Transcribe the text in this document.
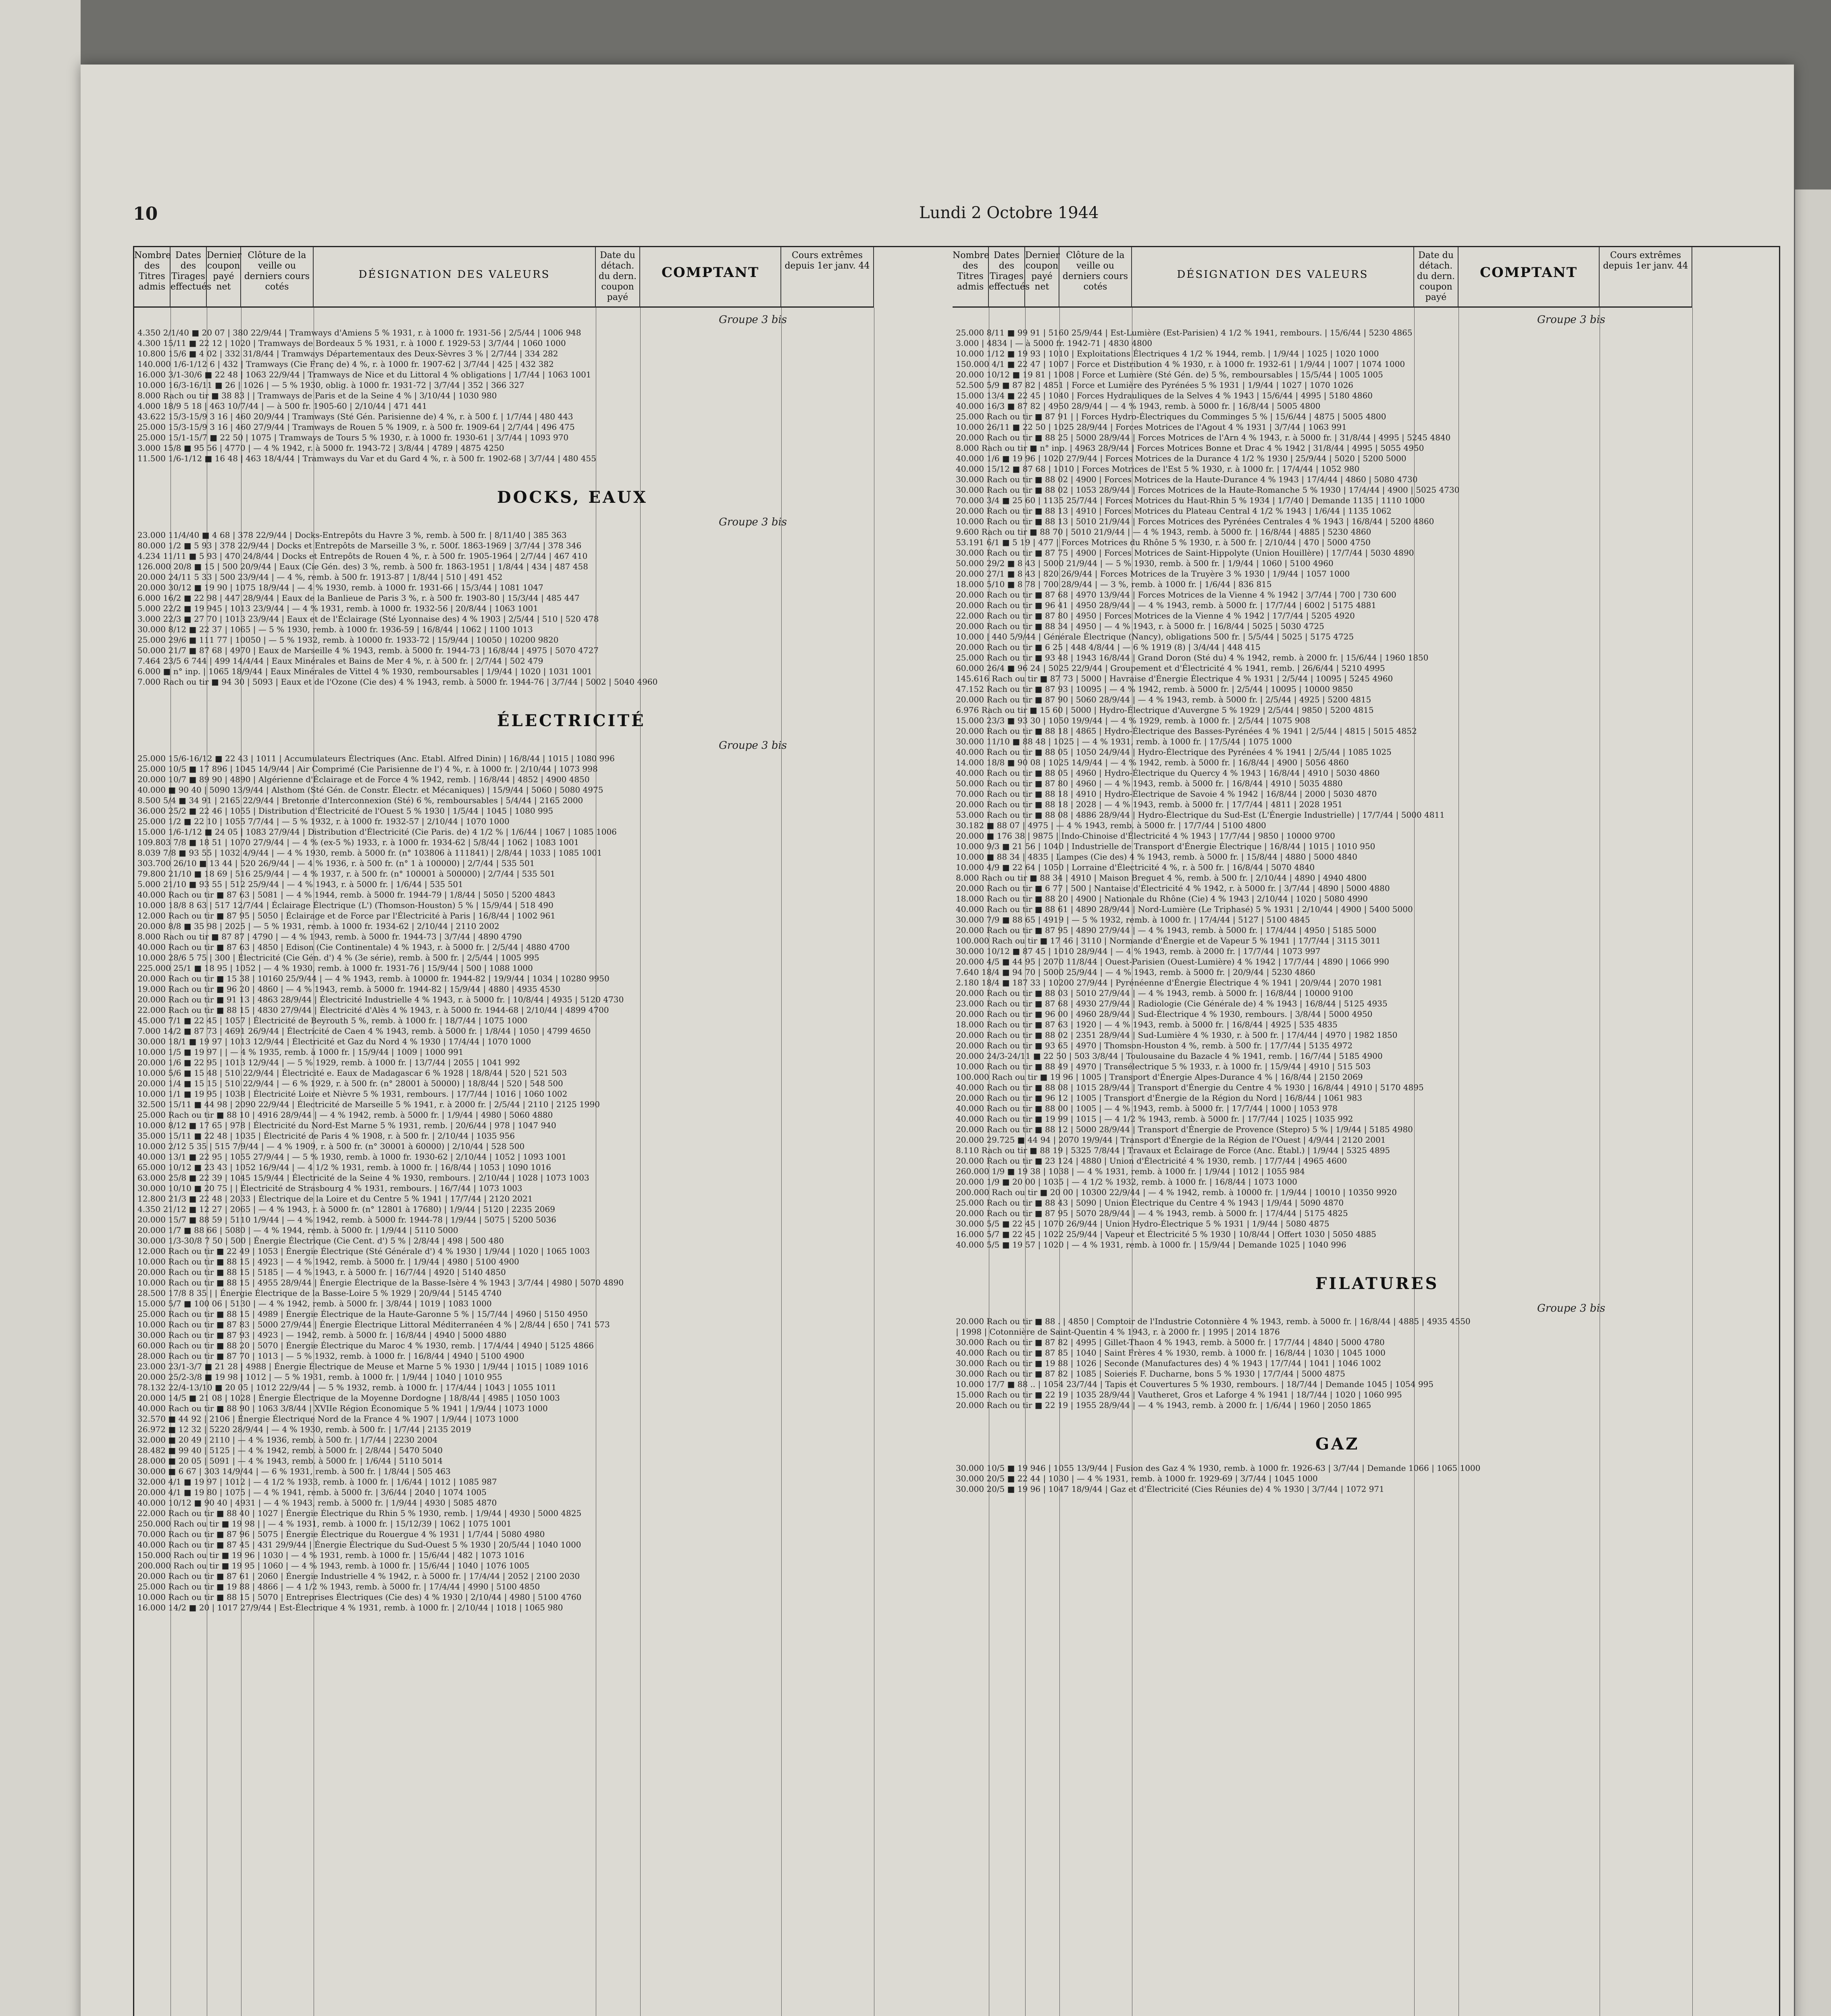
10	Lundi 2 Octobre 1944
Nombre des Titres admis
Dates des Tirages effectués
Dernier coupon payé net
Clôture de la veille ou derniers cours cotés
DÉSIGNATION DES VALEURS
Date du détach. du dern. coupon payé
COMPTANT
Cours extrêmes depuis 1er janv. 44
Groupe 3 bis
4.350 2/1/40 ■ 20 07 | 380 22/9/44 | Tramways d'Amiens 5 % 1931, r. à 1000 fr. 1931-56 | 2/5/44 | 1006 948
4.300 15/11 ■ 22 12 | 1020 | Tramways de Bordeaux 5 % 1931, r. à 1000 f. 1929-53 | 3/7/44 | 1060 1000
10.800 15/6 ■ 4 02 | 332 31/8/44 | Tramways Départementaux des Deux-Sèvres 3 % | 2/7/44 | 334 282
140.000 1/6-1/12 6 | 432 | Tramways (Cie Franç de) 4 %, r. à 1000 fr. 1907-62 | 3/7/44 | 425 | 432 382
16.000 3/1-30/6 ■ 22 48 | 1063 22/9/44 | Tramways de Nice et du Littoral 4 % obligations | 1/7/44 | 1063 1001
10.000 16/3-16/11 ■ 26 | 1026 | — 5 % 1930, oblig. à 1000 fr. 1931-72 | 3/7/44 | 352 | 366 327
8.000 Rach ou tir ■ 38 83 | | Tramways de Paris et de la Seine 4 % | 3/10/44 | 1030 980
4.000 18/9 5 18 | 463 10/7/44 | — à 500 fr. 1905-60 | 2/10/44 | 471 441
43.622 15/3-15/9 3 16 | 460 20/9/44 | Tramways (Sté Gén. Parisienne de) 4 %, r. à 500 f. | 1/7/44 | 480 443
25.000 15/3-15/9 3 16 | 460 27/9/44 | Tramways de Rouen 5 % 1909, r. à 500 fr. 1909-64 | 2/7/44 | 496 475
25.000 15/1-15/7 ■ 22 50 | 1075 | Tramways de Tours 5 % 1930, r. à 1000 fr. 1930-61 | 3/7/44 | 1093 970
3.000 15/8 ■ 95 56 | 4770 | — 4 % 1942, r. à 5000 fr. 1943-72 | 3/8/44 | 4789 | 4875 4250
11.500 1/6-1/12 ■ 16 48 | 463 18/4/44 | Tramways du Var et du Gard 4 %, r. à 500 fr. 1902-68 | 3/7/44 | 480 455
DOCKS, EAUX
Groupe 3 bis
23.000 11/4/40 ■ 4 68 | 378 22/9/44 | Docks-Entrepôts du Havre 3 %, remb. à 500 fr. | 8/11/40 | 385 363
80.000 1/2 ■ 5 93 | 378 22/9/44 | Docks et Entrepôts de Marseille 3 %, r. 500f. 1863-1969 | 3/7/44 | 378 346
4.234 11/11 ■ 5 93 | 470 24/8/44 | Docks et Entrepôts de Rouen 4 %, r. à 500 fr. 1905-1964 | 2/7/44 | 467 410
126.000 20/8 ■ 15 | 500 20/9/44 | Eaux (Cie Gén. des) 3 %, remb. à 500 fr. 1863-1951 | 1/8/44 | 434 | 487 458
20.000 24/11 5 33 | 500 23/9/44 | — 4 %, remb. à 500 fr. 1913-87 | 1/8/44 | 510 | 491 452
20.000 30/12 ■ 19 90 | 1075 18/9/44 | — 4 % 1930, remb. à 1000 fr. 1931-66 | 15/3/44 | 1081 1047
6.000 16/2 ■ 22 98 | 447 28/9/44 | Eaux de la Banlieue de Paris 3 %, r. à 500 fr. 1903-80 | 15/3/44 | 485 447
5.000 22/2 ■ 19 945 | 1013 23/9/44 | — 4 % 1931, remb. à 1000 fr. 1932-56 | 20/8/44 | 1063 1001
3.000 22/3 ■ 27 70 | 1013 23/9/44 | Eaux et de l'Éclairage (Sté Lyonnaise des) 4 % 1903 | 2/5/44 | 510 | 520 478
30.000 8/12 ■ 22 37 | 1065 | — 5 % 1930, remb. à 1000 fr. 1936-59 | 16/8/44 | 1062 | 1100 1013
25.000 29/6 ■ 111 77 | 10050 | — 5 % 1932, remb. à 10000 fr. 1933-72 | 15/9/44 | 10050 | 10200 9820
50.000 21/7 ■ 87 68 | 4970 | Eaux de Marseille 4 % 1943, remb. à 5000 fr. 1944-73 | 16/8/44 | 4975 | 5070 4727
7.464 23/5 6 744 | 499 14/4/44 | Eaux Minérales et Bains de Mer 4 %, r. à 500 fr. | 2/7/44 | 502 479
6.000 ■ n° inp. | 1065 18/9/44 | Eaux Minérales de Vittel 4 % 1930, remboursables | 1/9/44 | 1020 | 1031 1001
7.000 Rach ou tir ■ 94 30 | 5093 | Eaux et de l'Ozone (Cie des) 4 % 1943, remb. à 5000 fr. 1944-76 | 3/7/44 | 5002 | 5040 4960
ÉLECTRICITÉ
Groupe 3 bis
25.000 15/6-16/12 ■ 22 43 | 1011 | Accumulateurs Électriques (Anc. Etabl. Alfred Dinin) | 16/8/44 | 1015 | 1080 996
25.000 10/5 ■ 17 896 | 1045 14/9/44 | Air Comprimé (Cie Parisienne de l') 4 %, r. à 1000 fr. | 2/10/44 | 1073 998
20.000 10/7 ■ 89 90 | 4890 | Algérienne d'Éclairage et de Force 4 % 1942, remb. | 16/8/44 | 4852 | 4900 4850
40.000 ■ 90 40 | 5090 13/9/44 | Alsthom (Sté Gén. de Constr. Électr. et Mécaniques) | 15/9/44 | 5060 | 5080 4975
8.500 5/4 ■ 34 91 | 2165 22/9/44 | Bretonne d'Interconnexion (Sté) 6 %, remboursables | 5/4/44 | 2165 2000
36.000 25/2 ■ 22 46 | 1055 | Distribution d'Électricité de l'Ouest 5 % 1930 | 1/5/44 | 1045 | 1080 995
25.000 1/2 ■ 22 10 | 1055 7/7/44 | — 5 % 1932, r. à 1000 fr. 1932-57 | 2/10/44 | 1070 1000
15.000 1/6-1/12 ■ 24 05 | 1083 27/9/44 | Distribution d'Électricité (Cie Paris. de) 4 1/2 % | 1/6/44 | 1067 | 1085 1006
109.803 7/8 ■ 18 51 | 1070 27/9/44 | — 4 % (ex-5 %) 1933, r. à 1000 fr. 1934-62 | 5/8/44 | 1062 | 1083 1001
8.039 7/8 ■ 93 55 | 1032 4/9/44 | — 4 % 1930, remb. à 5000 fr. (n° 103806 à 111841) | 2/8/44 | 1033 | 1085 1001
303.700 26/10 ■ 13 44 | 520 26/9/44 | — 4 % 1936, r. à 500 fr. (n° 1 à 100000) | 2/7/44 | 535 501
79.800 21/10 ■ 18 69 | 516 25/9/44 | — 4 % 1937, r. à 500 fr. (n° 100001 à 500000) | 2/7/44 | 535 501
5.000 21/10 ■ 93 55 | 512 25/9/44 | — 4 % 1943, r. à 5000 fr. | 1/6/44 | 535 501
40.000 Rach ou tir ■ 87 63 | 5081 | — 4 % 1944, remb. à 5000 fr. 1944-79 | 1/8/44 | 5050 | 5200 4843
10.000 18/8 8 63 | 517 12/7/44 | Éclairage Électrique (L') (Thomson-Houston) 5 % | 15/9/44 | 518 490
12.000 Rach ou tir ■ 87 95 | 5050 | Éclairage et de Force par l'Électricité à Paris | 16/8/44 | 1002 961
20.000 8/8 ■ 35 98 | 2025 | — 5 % 1931, remb. à 1000 fr. 1934-62 | 2/10/44 | 2110 2002
8.000 Rach ou tir ■ 87 87 | 4790 | — 4 % 1943, remb. à 5000 fr. 1944-73 | 3/7/44 | 4890 4790
40.000 Rach ou tir ■ 87 63 | 4850 | Edison (Cie Continentale) 4 % 1943, r. à 5000 fr. | 2/5/44 | 4880 4700
10.000 28/6 5 75 | 300 | Électricité (Cie Gén. d') 4 % (3e série), remb. à 500 fr. | 2/5/44 | 1005 995
225.000 25/1 ■ 18 95 | 1052 | — 4 % 1930, remb. à 1000 fr. 1931-76 | 15/9/44 | 500 | 1088 1000
20.000 Rach ou tir ■ 15 38 | 10160 25/9/44 | — 4 % 1943, remb. à 10000 fr. 1944-82 | 19/9/44 | 1034 | 10280 9950
19.000 Rach ou tir ■ 96 20 | 4860 | — 4 % 1943, remb. à 5000 fr. 1944-82 | 15/9/44 | 4880 | 4935 4530
20.000 Rach ou tir ■ 91 13 | 4863 28/9/44 | Électricité Industrielle 4 % 1943, r. à 5000 fr. | 10/8/44 | 4935 | 5120 4730
22.000 Rach ou tir ■ 88 15 | 4830 27/9/44 | Électricité d'Alès 4 % 1943, r. à 5000 fr. 1944-68 | 2/10/44 | 4899 4700
45.000 7/1 ■ 22 45 | 1057 | Électricité de Beyrouth 5 %, remb. à 1000 fr. | 18/7/44 | 1075 1000
7.000 14/2 ■ 87 73 | 4691 26/9/44 | Électricité de Caen 4 % 1943, remb. à 5000 fr. | 1/8/44 | 1050 | 4799 4650
30.000 18/1 ■ 19 97 | 1013 12/9/44 | Électricité et Gaz du Nord 4 % 1930 | 17/4/44 | 1070 1000
10.000 1/5 ■ 19 97 | | — 4 % 1935, remb. à 1000 fr. | 15/9/44 | 1009 | 1000 991
20.000 1/6 ■ 22 95 | 1013 12/9/44 | — 5 % 1929, remb. à 1000 fr. | 13/7/44 | 2055 | 1041 992
10.000 5/6 ■ 15 48 | 510 22/9/44 | Électricité e. Eaux de Madagascar 6 % 1928 | 18/8/44 | 520 | 521 503
20.000 1/4 ■ 15 15 | 510 22/9/44 | — 6 % 1929, r. à 500 fr. (n° 28001 à 50000) | 18/8/44 | 520 | 548 500
10.000 1/1 ■ 19 95 | 1038 | Électricité Loire et Nièvre 5 % 1931, rembours. | 17/7/44 | 1016 | 1060 1002
32.500 15/11 ■ 44 98 | 2090 22/9/44 | Électricité de Marseille 5 % 1941, r. à 2000 fr. | 2/5/44 | 2110 | 2125 1990
25.000 Rach ou tir ■ 88 10 | 4916 28/9/44 | — 4 % 1942, remb. à 5000 fr. | 1/9/44 | 4980 | 5060 4880
10.000 8/12 ■ 17 65 | 978 | Électricité du Nord-Est Marne 5 % 1931, remb. | 20/6/44 | 978 | 1047 940
35.000 15/11 ■ 22 48 | 1035 | Électricité de Paris 4 % 1908, r. à 500 fr. | 2/10/44 | 1035 956
10.000 2/12 5 35 | 515 7/9/44 | — 4 % 1909, r. à 500 fr. (n° 30001 à 60000) | 2/10/44 | 528 500
40.000 13/1 ■ 22 95 | 1055 27/9/44 | — 5 % 1930, remb. à 1000 fr. 1930-62 | 2/10/44 | 1052 | 1093 1001
65.000 10/12 ■ 23 43 | 1052 16/9/44 | — 4 1/2 % 1931, remb. à 1000 fr. | 16/8/44 | 1053 | 1090 1016
63.000 25/8 ■ 22 39 | 1045 15/9/44 | Électricité de la Seine 4 % 1930, rembours. | 2/10/44 | 1028 | 1073 1003
30.000 10/10 ■ 20 75 | | Électricité de Strasbourg 4 % 1931, rembours. | 16/7/44 | 1073 1003
12.800 21/3 ■ 22 48 | 2033 | Électrique de la Loire et du Centre 5 % 1941 | 17/7/44 | 2120 2021
4.350 21/12 ■ 12 27 | 2065 | — 4 % 1943, r. à 5000 fr. (n° 12801 à 17680) | 1/9/44 | 5120 | 2235 2069
20.000 15/7 ■ 88 59 | 5110 1/9/44 | — 4 % 1942, remb. à 5000 fr. 1944-78 | 1/9/44 | 5075 | 5200 5036
20.000 1/7 ■ 88 66 | 5080 | — 4 % 1944, remb. à 5000 fr. | 1/9/44 | 5110 5000
30.000 1/3-30/8 7 50 | 500 | Énergie Électrique (Cie Cent. d') 5 % | 2/8/44 | 498 | 500 480
12.000 Rach ou tir ■ 22 49 | 1053 | Énergie Électrique (Sté Générale d') 4 % 1930 | 1/9/44 | 1020 | 1065 1003
10.000 Rach ou tir ■ 88 15 | 4923 | — 4 % 1942, remb. à 5000 fr. | 1/9/44 | 4980 | 5100 4900
20.000 Rach ou tir ■ 88 15 | 5185 | — 4 % 1943, r. à 5000 fr. | 16/7/44 | 4920 | 5140 4850
10.000 Rach ou tir ■ 88 15 | 4955 28/9/44 | Énergie Électrique de la Basse-Isère 4 % 1943 | 3/7/44 | 4980 | 5070 4890
28.500 17/8 8 35 | | Énergie Électrique de la Basse-Loire 5 % 1929 | 20/9/44 | 5145 4740
15.000 5/7 ■ 100 06 | 5130 | — 4 % 1942, remb. à 5000 fr. | 3/8/44 | 1019 | 1083 1000
25.000 Rach ou tir ■ 88 15 | 4989 | Énergie Électrique de la Haute-Garonne 5 % | 15/7/44 | 4960 | 5150 4950
10.000 Rach ou tir ■ 87 83 | 5000 27/9/44 | Énergie Électrique Littoral Méditerranéen 4 % | 2/8/44 | 650 | 741 573
30.000 Rach ou tir ■ 87 93 | 4923 | — 1942, remb. à 5000 fr. | 16/8/44 | 4940 | 5000 4880
60.000 Rach ou tir ■ 88 20 | 5070 | Énergie Électrique du Maroc 4 % 1930, remb. | 17/4/44 | 4940 | 5125 4866
28.000 Rach ou tir ■ 87 70 | 1013 | — 5 % 1932, remb. à 1000 fr. | 16/8/44 | 4940 | 5100 4900
23.000 23/1-3/7 ■ 21 28 | 4988 | Énergie Électrique de Meuse et Marne 5 % 1930 | 1/9/44 | 1015 | 1089 1016
20.000 25/2-3/8 ■ 19 98 | 1012 | — 5 % 1931, remb. à 1000 fr. | 1/9/44 | 1040 | 1010 955
78.132 22/4-13/10 ■ 20 05 | 1012 22/9/44 | — 5 % 1932, remb. à 1000 fr. | 17/4/44 | 1043 | 1055 1011
20.000 14/5 ■ 21 08 | 1028 | Énergie Électrique de la Moyenne Dordogne | 18/8/44 | 4985 | 1050 1003
40.000 Rach ou tir ■ 88 90 | 1063 3/8/44 | XVIIe Région Économique 5 % 1941 | 1/9/44 | 1073 1000
32.570 ■ 44 92 | 2106 | Énergie Électrique Nord de la France 4 % 1907 | 1/9/44 | 1073 1000
26.972 ■ 12 32 | 5220 28/9/44 | — 4 % 1930, remb. à 500 fr. | 1/7/44 | 2135 2019
32.000 ■ 20 49 | 2110 | — 4 % 1936, remb. à 500 fr. | 1/7/44 | 2230 2004
28.482 ■ 99 40 | 5125 | — 4 % 1942, remb. à 5000 fr. | 2/8/44 | 5470 5040
28.000 ■ 20 05 | 5091 | — 4 % 1943, remb. à 5000 fr. | 1/6/44 | 5110 5014
30.000 ■ 6 67 | 303 14/9/44 | — 6 % 1931, remb. à 500 fr. | 1/8/44 | 505 463
32.000 4/1 ■ 19 97 | 1012 | — 4 1/2 % 1933, remb. à 1000 fr. | 1/6/44 | 1012 | 1085 987
20.000 4/1 ■ 19 80 | 1075 | — 4 % 1941, remb. à 5000 fr. | 3/6/44 | 2040 | 1074 1005
40.000 10/12 ■ 90 40 | 4931 | — 4 % 1943, remb. à 5000 fr. | 1/9/44 | 4930 | 5085 4870
22.000 Rach ou tir ■ 88 40 | 1027 | Énergie Électrique du Rhin 5 % 1930, remb. | 1/9/44 | 4930 | 5000 4825
250.000 Rach ou tir ■ 19 98 | | — 4 % 1931, remb. à 1000 fr. | 15/12/39 | 1062 | 1075 1001
70.000 Rach ou tir ■ 87 96 | 5075 | Énergie Électrique du Rouergue 4 % 1931 | 1/7/44 | 5080 4980
40.000 Rach ou tir ■ 87 45 | 431 29/9/44 | Énergie Électrique du Sud-Ouest 5 % 1930 | 20/5/44 | 1040 1000
150.000 Rach ou tir ■ 19 96 | 1030 | — 4 % 1931, remb. à 1000 fr. | 15/6/44 | 482 | 1073 1016
200.000 Rach ou tir ■ 19 95 | 1060 | — 4 % 1943, remb. à 1000 fr. | 15/6/44 | 1040 | 1076 1005
20.000 Rach ou tir ■ 87 61 | 2060 | Énergie Industrielle 4 % 1942, r. à 5000 fr. | 17/4/44 | 2052 | 2100 2030
25.000 Rach ou tir ■ 19 88 | 4866 | — 4 1/2 % 1943, remb. à 5000 fr. | 17/4/44 | 4990 | 5100 4850
10.000 Rach ou tir ■ 88 15 | 5070 | Entreprises Électriques (Cie des) 4 % 1930 | 2/10/44 | 4980 | 5100 4760
16.000 14/2 ■ 20 | 1017 27/9/44 | Est-Électrique 4 % 1931, remb. à 1000 fr. | 2/10/44 | 1018 | 1065 980
Nombre des Titres admis
Dates des Tirages effectués
Dernier coupon payé net
Clôture de la veille ou derniers cours cotés
DÉSIGNATION DES VALEURS
Date du détach. du dern. coupon payé
COMPTANT
Cours extrêmes depuis 1er janv. 44
Groupe 3 bis
25.000 8/11 ■ 99 91 | 5160 25/9/44 | Est-Lumière (Est-Parisien) 4 1/2 % 1941, rembours. | 15/6/44 | 5230 4865
3.000 | 4834 | — à 5000 fr. 1942-71 | 4830 4800
10.000 1/12 ■ 19 93 | 1010 | Exploitations Électriques 4 1/2 % 1944, remb. | 1/9/44 | 1025 | 1020 1000
150.000 4/1 ■ 22 47 | 1007 | Force et Distribution 4 % 1930, r. à 1000 fr. 1932-61 | 1/9/44 | 1007 | 1074 1000
20.000 10/12 ■ 19 81 | 1008 | Force et Lumière (Sté Gén. de) 5 %, remboursables | 15/5/44 | 1005 1005
52.500 5/9 ■ 87 82 | 4851 | Force et Lumière des Pyrénées 5 % 1931 | 1/9/44 | 1027 | 1070 1026
15.000 13/4 ■ 22 45 | 1040 | Forces Hydrauliques de la Selves 4 % 1943 | 15/6/44 | 4995 | 5180 4860
40.000 16/3 ■ 87 82 | 4950 28/9/44 | — 4 % 1943, remb. à 5000 fr. | 16/8/44 | 5005 4800
25.000 Rach ou tir ■ 87 91 | | Forces Hydro-Électriques du Comminges 5 % | 15/6/44 | 4875 | 5005 4800
10.000 26/11 ■ 22 50 | 1025 28/9/44 | Forces Motrices de l'Agout 4 % 1931 | 3/7/44 | 1063 991
20.000 Rach ou tir ■ 88 25 | 5000 28/9/44 | Forces Motrices de l'Arn 4 % 1943, r. à 5000 fr. | 31/8/44 | 4995 | 5245 4840
8.000 Rach ou tir ■ n° inp. | 4963 28/9/44 | Forces Motrices Bonne et Drac 4 % 1942 | 31/8/44 | 4995 | 5055 4950
40.000 1/6 ■ 19 96 | 1020 27/9/44 | Forces Motrices de la Durance 4 1/2 % 1930 | 25/9/44 | 5020 | 5200 5000
40.000 15/12 ■ 87 68 | 1010 | Forces Motrices de l'Est 5 % 1930, r. à 1000 fr. | 17/4/44 | 1052 980
30.000 Rach ou tir ■ 88 02 | 4900 | Forces Motrices de la Haute-Durance 4 % 1943 | 17/4/44 | 4860 | 5080 4730
30.000 Rach ou tir ■ 88 02 | 1053 28/9/44 | Forces Motrices de la Haute-Romanche 5 % 1930 | 17/4/44 | 4900 | 5025 4730
70.000 3/4 ■ 25 60 | 1135 25/7/44 | Forces Motrices du Haut-Rhin 5 % 1934 | 1/7/40 | Demande 1135 | 1110 1000
20.000 Rach ou tir ■ 88 13 | 4910 | Forces Motrices du Plateau Central 4 1/2 % 1943 | 1/6/44 | 1135 1062
10.000 Rach ou tir ■ 88 13 | 5010 21/9/44 | Forces Motrices des Pyrénées Centrales 4 % 1943 | 16/8/44 | 5200 4860
9.600 Rach ou tir ■ 88 70 | 5010 21/9/44 | — 4 % 1943, remb. à 5000 fr. | 16/8/44 | 4885 | 5230 4860
53.191 6/1 ■ 5 19 | 477 | Forces Motrices du Rhône 5 % 1930, r. à 500 fr. | 2/10/44 | 470 | 5000 4750
30.000 Rach ou tir ■ 87 75 | 4900 | Forces Motrices de Saint-Hippolyte (Union Houillère) | 17/7/44 | 5030 4890
50.000 29/2 ■ 8 43 | 5000 21/9/44 | — 5 % 1930, remb. à 500 fr. | 1/9/44 | 1060 | 5100 4960
20.000 27/1 ■ 8 43 | 820 26/9/44 | Forces Motrices de la Truyère 3 % 1930 | 1/9/44 | 1057 1000
18.000 5/10 ■ 8 78 | 700 28/9/44 | — 3 %, remb. à 1000 fr. | 1/6/44 | 836 815
20.000 Rach ou tir ■ 87 68 | 4970 13/9/44 | Forces Motrices de la Vienne 4 % 1942 | 3/7/44 | 700 | 730 600
20.000 Rach ou tir ■ 96 41 | 4950 28/9/44 | — 4 % 1943, remb. à 5000 fr. | 17/7/44 | 6002 | 5175 4881
22.000 Rach ou tir ■ 87 80 | 4950 | Forces Motrices de la Vienne 4 % 1942 | 17/7/44 | 5205 4920
20.000 Rach ou tir ■ 88 34 | 4950 | — 4 % 1943, r. à 5000 fr. | 16/8/44 | 5025 | 5030 4725
10.000 | 440 5/9/44 | Générale Électrique (Nancy), obligations 500 fr. | 5/5/44 | 5025 | 5175 4725
20.000 Rach ou tir ■ 6 25 | 448 4/8/44 | — 6 % 1919 (8) | 3/4/44 | 448 415
25.000 Rach ou tir ■ 93 48 | 1943 16/8/44 | Grand Doron (Sté du) 4 % 1942, remb. à 2000 fr. | 15/6/44 | 1960 1850
60.000 26/4 ■ 96 24 | 5025 22/9/44 | Groupement et d'Électricité 4 % 1941, remb. | 26/6/44 | 5210 4995
145.616 Rach ou tir ■ 87 73 | 5000 | Havraise d'Énergie Électrique 4 % 1931 | 2/5/44 | 10095 | 5245 4960
47.152 Rach ou tir ■ 87 93 | 10095 | — 4 % 1942, remb. à 5000 fr. | 2/5/44 | 10095 | 10000 9850
20.000 Rach ou tir ■ 87 90 | 5060 28/9/44 | — 4 % 1943, remb. à 5000 fr. | 2/5/44 | 4925 | 5200 4815
6.976 Rach ou tir ■ 15 60 | 5000 | Hydro-Électrique d'Auvergne 5 % 1929 | 2/5/44 | 9850 | 5200 4815
15.000 23/3 ■ 93 30 | 1050 19/9/44 | — 4 % 1929, remb. à 1000 fr. | 2/5/44 | 1075 908
20.000 Rach ou tir ■ 88 18 | 4865 | Hydro-Électrique des Basses-Pyrénées 4 % 1941 | 2/5/44 | 4815 | 5015 4852
30.000 11/10 ■ 88 48 | 1025 | — 4 % 1931, remb. à 1000 fr. | 17/5/44 | 1075 1000
40.000 Rach ou tir ■ 88 05 | 1050 24/9/44 | Hydro-Électrique des Pyrénées 4 % 1941 | 2/5/44 | 1085 1025
14.000 18/8 ■ 90 08 | 1025 14/9/44 | — 4 % 1942, remb. à 5000 fr. | 16/8/44 | 4900 | 5056 4860
40.000 Rach ou tir ■ 88 05 | 4960 | Hydro-Électrique du Quercy 4 % 1943 | 16/8/44 | 4910 | 5030 4860
50.000 Rach ou tir ■ 87 80 | 4960 | — 4 % 1943, remb. à 5000 fr. | 16/8/44 | 4910 | 5035 4880
70.000 Rach ou tir ■ 88 18 | 4910 | Hydro-Électrique de Savoie 4 % 1942 | 16/8/44 | 2000 | 5030 4870
20.000 Rach ou tir ■ 88 18 | 2028 | — 4 % 1943, remb. à 5000 fr. | 17/7/44 | 4811 | 2028 1951
53.000 Rach ou tir ■ 88 08 | 4886 28/9/44 | Hydro-Électrique du Sud-Est (L'Énergie Industrielle) | 17/7/44 | 5000 4811
30.182 ■ 88 07 | 4975 | — 4 % 1943, remb. à 5000 fr. | 17/7/44 | 5100 4800
20.000 ■ 176 38 | 9875 | Indo-Chinoise d'Électricité 4 % 1943 | 17/7/44 | 9850 | 10000 9700
10.000 9/3 ■ 21 56 | 1040 | Industrielle de Transport d'Énergie Électrique | 16/8/44 | 1015 | 1010 950
10.000 ■ 88 34 | 4835 | Lampes (Cie des) 4 % 1943, remb. à 5000 fr. | 15/8/44 | 4880 | 5000 4840
10.000 4/9 ■ 22 64 | 1050 | Lorraine d'Électricité 4 %, r. à 500 fr. | 16/8/44 | 5070 4840
8.000 Rach ou tir ■ 88 34 | 4910 | Maison Breguet 4 %, remb. à 500 fr. | 2/10/44 | 4890 | 4940 4800
20.000 Rach ou tir ■ 6 77 | 500 | Nantaise d'Électricité 4 % 1942, r. à 5000 fr. | 3/7/44 | 4890 | 5000 4880
18.000 Rach ou tir ■ 88 20 | 4900 | Nationale du Rhône (Cie) 4 % 1943 | 2/10/44 | 1020 | 5080 4990
40.000 Rach ou tir ■ 88 61 | 4890 28/9/44 | Nord-Lumière (Le Triphasé) 5 % 1931 | 2/10/44 | 4900 | 5400 5000
30.000 7/9 ■ 88 65 | 4919 | — 5 % 1932, remb. à 1000 fr. | 17/4/44 | 5127 | 5100 4845
20.000 Rach ou tir ■ 87 95 | 4890 27/9/44 | — 4 % 1943, remb. à 5000 fr. | 17/4/44 | 4950 | 5185 5000
100.000 Rach ou tir ■ 17 46 | 3110 | Normande d'Énergie et de Vapeur 5 % 1941 | 17/7/44 | 3115 3011
30.000 10/12 ■ 87 45 | 1010 28/9/44 | — 4 % 1943, remb. à 2000 fr. | 17/7/44 | 1073 997
20.000 4/5 ■ 44 95 | 2070 11/8/44 | Ouest-Parisien (Ouest-Lumière) 4 % 1942 | 17/7/44 | 4890 | 1066 990
7.640 18/4 ■ 94 70 | 5000 25/9/44 | — 4 % 1943, remb. à 5000 fr. | 20/9/44 | 5230 4860
2.180 18/4 ■ 187 33 | 10200 27/9/44 | Pyrénéenne d'Énergie Électrique 4 % 1941 | 20/9/44 | 2070 1981
20.000 Rach ou tir ■ 88 03 | 5010 27/9/44 | — 4 % 1943, remb. à 5000 fr. | 16/8/44 | 10000 9100
23.000 Rach ou tir ■ 87 68 | 4930 27/9/44 | Radiologie (Cie Générale de) 4 % 1943 | 16/8/44 | 5125 4935
20.000 Rach ou tir ■ 96 00 | 4960 28/9/44 | Sud-Électrique 4 % 1930, rembours. | 3/8/44 | 5000 4950
18.000 Rach ou tir ■ 87 63 | 1920 | — 4 % 1943, remb. à 5000 fr. | 16/8/44 | 4925 | 535 4835
20.000 Rach ou tir ■ 88 02 | 2351 28/9/44 | Sud-Lumière 4 % 1930, r. à 500 fr. | 17/4/44 | 4970 | 1982 1850
20.000 Rach ou tir ■ 93 65 | 4970 | Thomson-Houston 4 %, remb. à 500 fr. | 17/7/44 | 5135 4972
20.000 24/3-24/11 ■ 22 50 | 503 3/8/44 | Toulousaine du Bazacle 4 % 1941, remb. | 16/7/44 | 5185 4900
10.000 Rach ou tir ■ 88 49 | 4970 | Transélectrique 5 % 1933, r. à 1000 fr. | 15/9/44 | 4910 | 515 503
100.000 Rach ou tir ■ 19 96 | 1005 | Transport d'Énergie Alpes-Durance 4 % | 16/8/44 | 2150 2069
40.000 Rach ou tir ■ 88 08 | 1015 28/9/44 | Transport d'Énergie du Centre 4 % 1930 | 16/8/44 | 4910 | 5170 4895
20.000 Rach ou tir ■ 96 12 | 1005 | Transport d'Énergie de la Région du Nord | 16/8/44 | 1061 983
40.000 Rach ou tir ■ 88 00 | 1005 | — 4 % 1943, remb. à 5000 fr. | 17/7/44 | 1000 | 1053 978
40.000 Rach ou tir ■ 19 99 | 1015 | — 4 1/2 % 1943, remb. à 5000 fr. | 17/7/44 | 1025 | 1035 992
20.000 Rach ou tir ■ 88 12 | 5000 28/9/44 | Transport d'Énergie de Provence (Stepro) 5 % | 1/9/44 | 5185 4980
20.000 29.725 ■ 44 94 | 2070 19/9/44 | Transport d'Énergie de la Région de l'Ouest | 4/9/44 | 2120 2001
8.110 Rach ou tir ■ 88 19 | 5325 7/8/44 | Travaux et Éclairage de Force (Anc. Établ.) | 1/9/44 | 5325 4895
20.000 Rach ou tir ■ 23 124 | 4880 | Union d'Électricité 4 % 1930, remb. | 17/7/44 | 4965 4600
260.000 1/9 ■ 19 38 | 1038 | — 4 % 1931, remb. à 1000 fr. | 1/9/44 | 1012 | 1055 984
20.000 1/9 ■ 20 00 | 1035 | — 4 1/2 % 1932, remb. à 1000 fr. | 16/8/44 | 1073 1000
200.000 Rach ou tir ■ 20 00 | 10300 22/9/44 | — 4 % 1942, remb. à 10000 fr. | 1/9/44 | 10010 | 10350 9920
25.000 Rach ou tir ■ 88 43 | 5090 | Union Électrique du Centre 4 % 1943 | 1/9/44 | 5090 4870
20.000 Rach ou tir ■ 87 95 | 5070 28/9/44 | — 4 % 1943, remb. à 5000 fr. | 17/4/44 | 5175 4825
30.000 5/5 ■ 22 45 | 1070 26/9/44 | Union Hydro-Électrique 5 % 1931 | 1/9/44 | 5080 4875
16.000 5/7 ■ 22 45 | 1022 25/9/44 | Vapeur et Électricité 5 % 1930 | 10/8/44 | Offert 1030 | 5050 4885
40.000 5/5 ■ 19 57 | 1020 | — 4 % 1931, remb. à 1000 fr. | 15/9/44 | Demande 1025 | 1040 996
FILATURES
Groupe 3 bis
20.000 Rach ou tir ■ 88 . | 4850 | Comptoir de l'Industrie Cotonnière 4 % 1943, remb. à 5000 fr. | 16/8/44 | 4885 | 4935 4550
| 1998 | Cotonnière de Saint-Quentin 4 % 1943, r. à 2000 fr. | 1995 | 2014 1876
30.000 Rach ou tir ■ 87 82 | 4995 | Gillet-Thaon 4 % 1943, remb. à 5000 fr. | 17/7/44 | 4840 | 5000 4780
40.000 Rach ou tir ■ 87 85 | 1040 | Saint Frères 4 % 1930, remb. à 1000 fr. | 16/8/44 | 1030 | 1045 1000
30.000 Rach ou tir ■ 19 88 | 1026 | Seconde (Manufactures des) 4 % 1943 | 17/7/44 | 1041 | 1046 1002
30.000 Rach ou tir ■ 87 82 | 1085 | Soieries F. Ducharne, bons 5 % 1930 | 17/7/44 | 5000 4875
10.000 17/7 ■ 88 .. | 1054 23/7/44 | Tapis et Couvertures 5 % 1930, rembours. | 18/7/44 | Demande 1045 | 1054 995
15.000 Rach ou tir ■ 22 19 | 1035 28/9/44 | Vautheret, Gros et Laforge 4 % 1941 | 18/7/44 | 1020 | 1060 995
20.000 Rach ou tir ■ 22 19 | 1955 28/9/44 | — 4 % 1943, remb. à 2000 fr. | 1/6/44 | 1960 | 2050 1865
GAZ
30.000 10/5 ■ 19 946 | 1055 13/9/44 | Fusion des Gaz 4 % 1930, remb. à 1000 fr. 1926-63 | 3/7/44 | Demande 1066 | 1065 1000
30.000 20/5 ■ 22 44 | 1030 | — 4 % 1931, remb. à 1000 fr. 1929-69 | 3/7/44 | 1045 1000
30.000 20/5 ■ 19 96 | 1047 18/9/44 | Gaz et d'Électricité (Cies Réunies de) 4 % 1930 | 3/7/44 | 1072 971
